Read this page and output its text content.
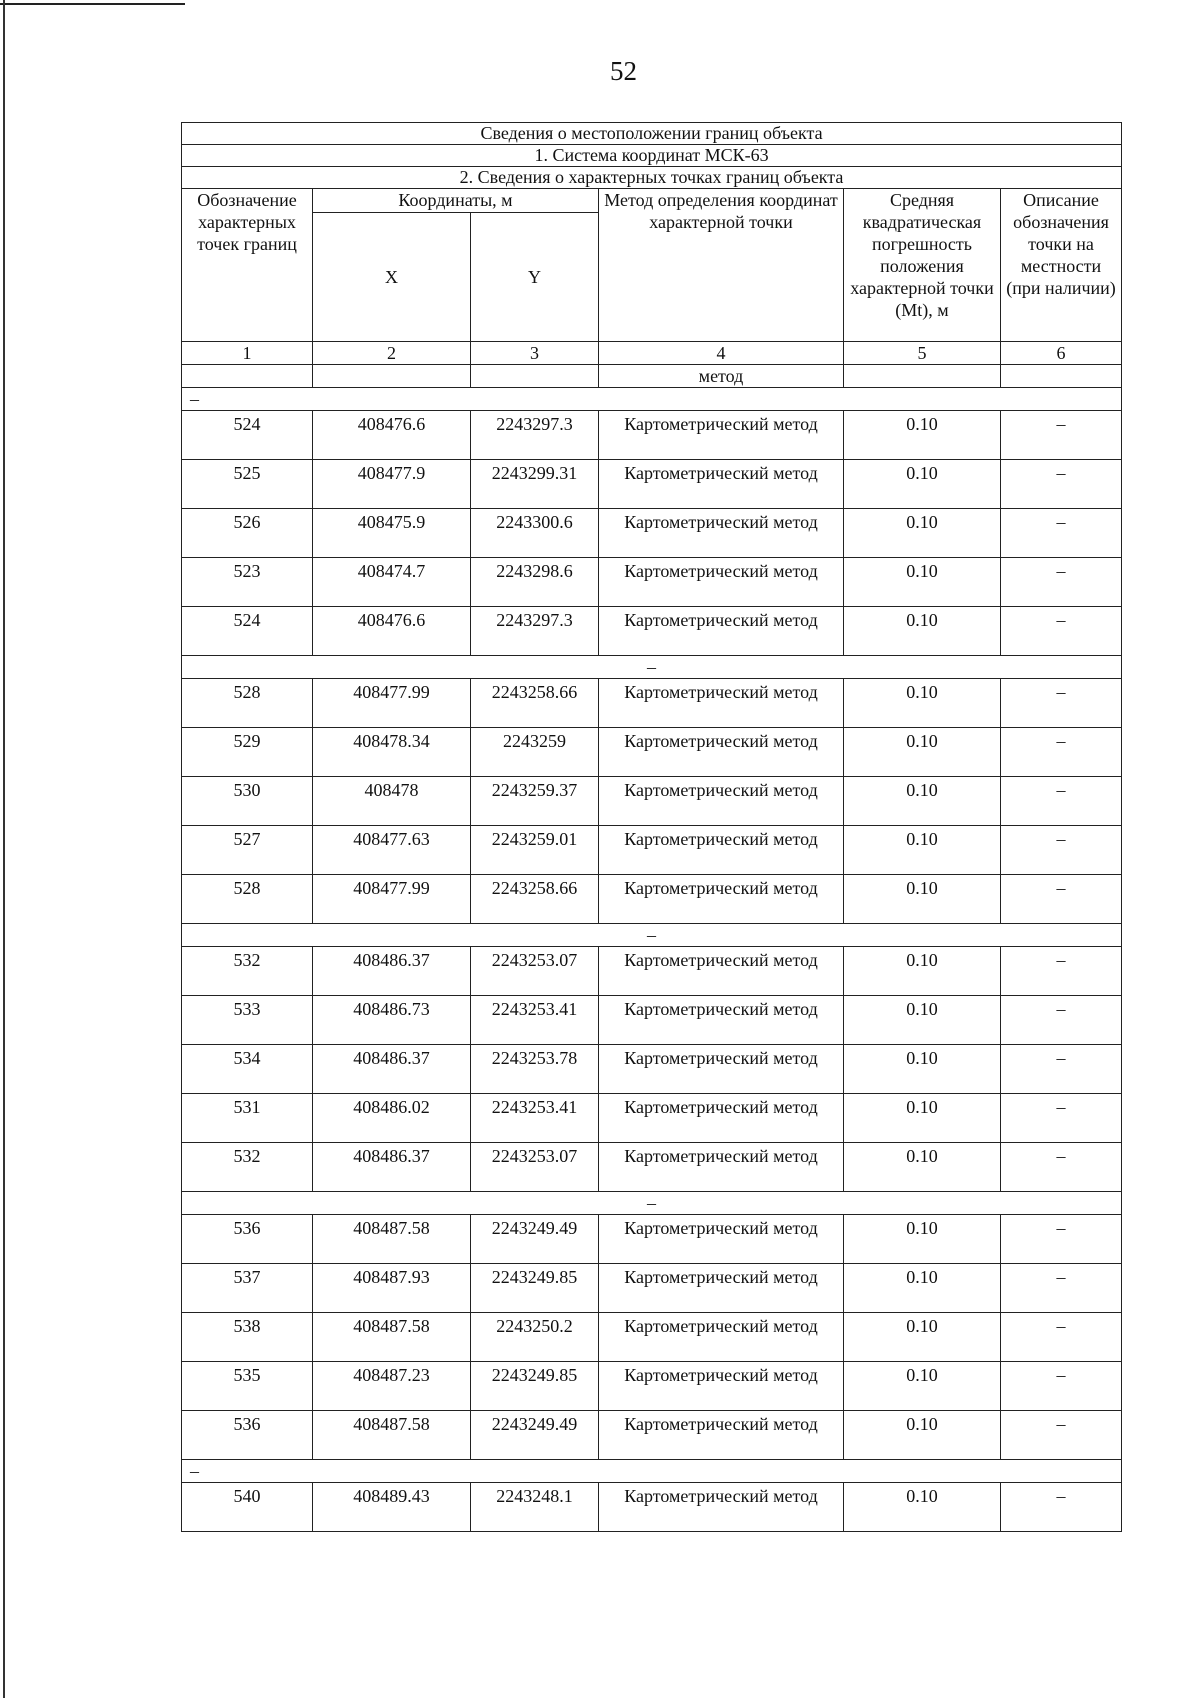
52
Сведения о местоположении границ объекта					
1. Система координат МСК-63					
2. Сведения о характерных точках границ объекта					
Обозначение характерных точек границ	Координаты, м		Метод определения координат характерной точки	Средняя квадратическая погрешность положения характерной точки (Mt), м	Описание обозначения точки на местности (при наличии)
	X	Y			
1	2	3	4	5	6
			метод		
–					
524	408476.6	2243297.3	Картометрический метод	0.10	–
525	408477.9	2243299.31	Картометрический метод	0.10	–
526	408475.9	2243300.6	Картометрический метод	0.10	–
523	408474.7	2243298.6	Картометрический метод	0.10	–
524	408476.6	2243297.3	Картометрический метод	0.10	–
–					
528	408477.99	2243258.66	Картометрический метод	0.10	–
529	408478.34	2243259	Картометрический метод	0.10	–
530	408478	2243259.37	Картометрический метод	0.10	–
527	408477.63	2243259.01	Картометрический метод	0.10	–
528	408477.99	2243258.66	Картометрический метод	0.10	–
–					
532	408486.37	2243253.07	Картометрический метод	0.10	–
533	408486.73	2243253.41	Картометрический метод	0.10	–
534	408486.37	2243253.78	Картометрический метод	0.10	–
531	408486.02	2243253.41	Картометрический метод	0.10	–
532	408486.37	2243253.07	Картометрический метод	0.10	–
–					
536	408487.58	2243249.49	Картометрический метод	0.10	–
537	408487.93	2243249.85	Картометрический метод	0.10	–
538	408487.58	2243250.2	Картометрический метод	0.10	–
535	408487.23	2243249.85	Картометрический метод	0.10	–
536	408487.58	2243249.49	Картометрический метод	0.10	–
–					
540	408489.43	2243248.1	Картометрический метод	0.10	–
